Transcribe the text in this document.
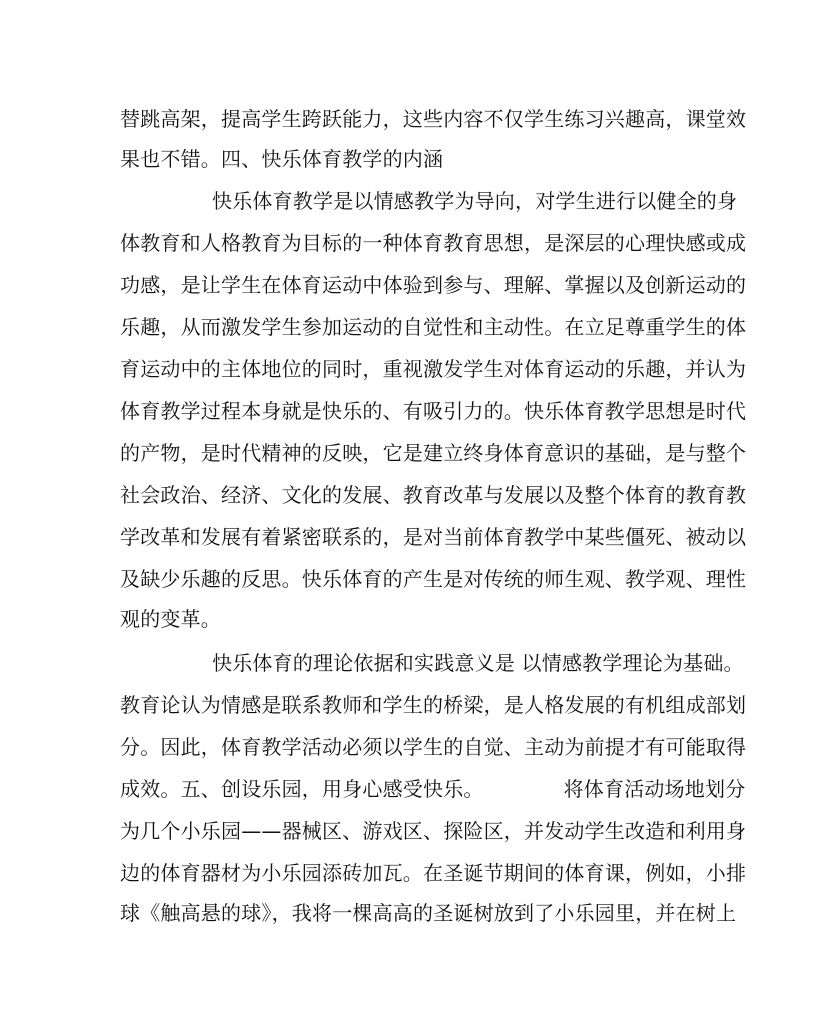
替跳高架，提高学生跨跃能力，这些内容不仅学生练习兴趣高，课堂效
果也不错。四、快乐体育教学的内涵
快乐体育教学是以情感教学为导向，对学生进行以健全的身
体教育和人格教育为目标的一种体育教育思想，是深层的心理快感或成
功感，是让学生在体育运动中体验到参与、理解、掌握以及创新运动的
乐趣，从而激发学生参加运动的自觉性和主动性。在立足尊重学生的体
育运动中的主体地位的同时，重视激发学生对体育运动的乐趣，并认为
体育教学过程本身就是快乐的、有吸引力的。快乐体育教学思想是时代
的产物，是时代精神的反映，它是建立终身体育意识的基础，是与整个
社会政治、经济、文化的发展、教育改革与发展以及整个体育的教育教
学改革和发展有着紧密联系的，是对当前体育教学中某些僵死、被动以
及缺少乐趣的反思。快乐体育的产生是对传统的师生观、教学观、理性
观的变革。
快乐体育的理论依据和实践意义是 以情感教学理论为基础。
教育论认为情感是联系教师和学生的桥梁，是人格发展的有机组成部划
分。因此，体育教学活动必须以学生的自觉、主动为前提才有可能取得
成效。五、创设乐园，用身心感受快乐。	将体育活动场地划分
为几个小乐园——器械区、游戏区、探险区，并发动学生改造和利用身
边的体育器材为小乐园添砖加瓦。在圣诞节期间的体育课，例如，小排
球《触高悬的球》，我将一棵高高的圣诞树放到了小乐园里，并在树上
